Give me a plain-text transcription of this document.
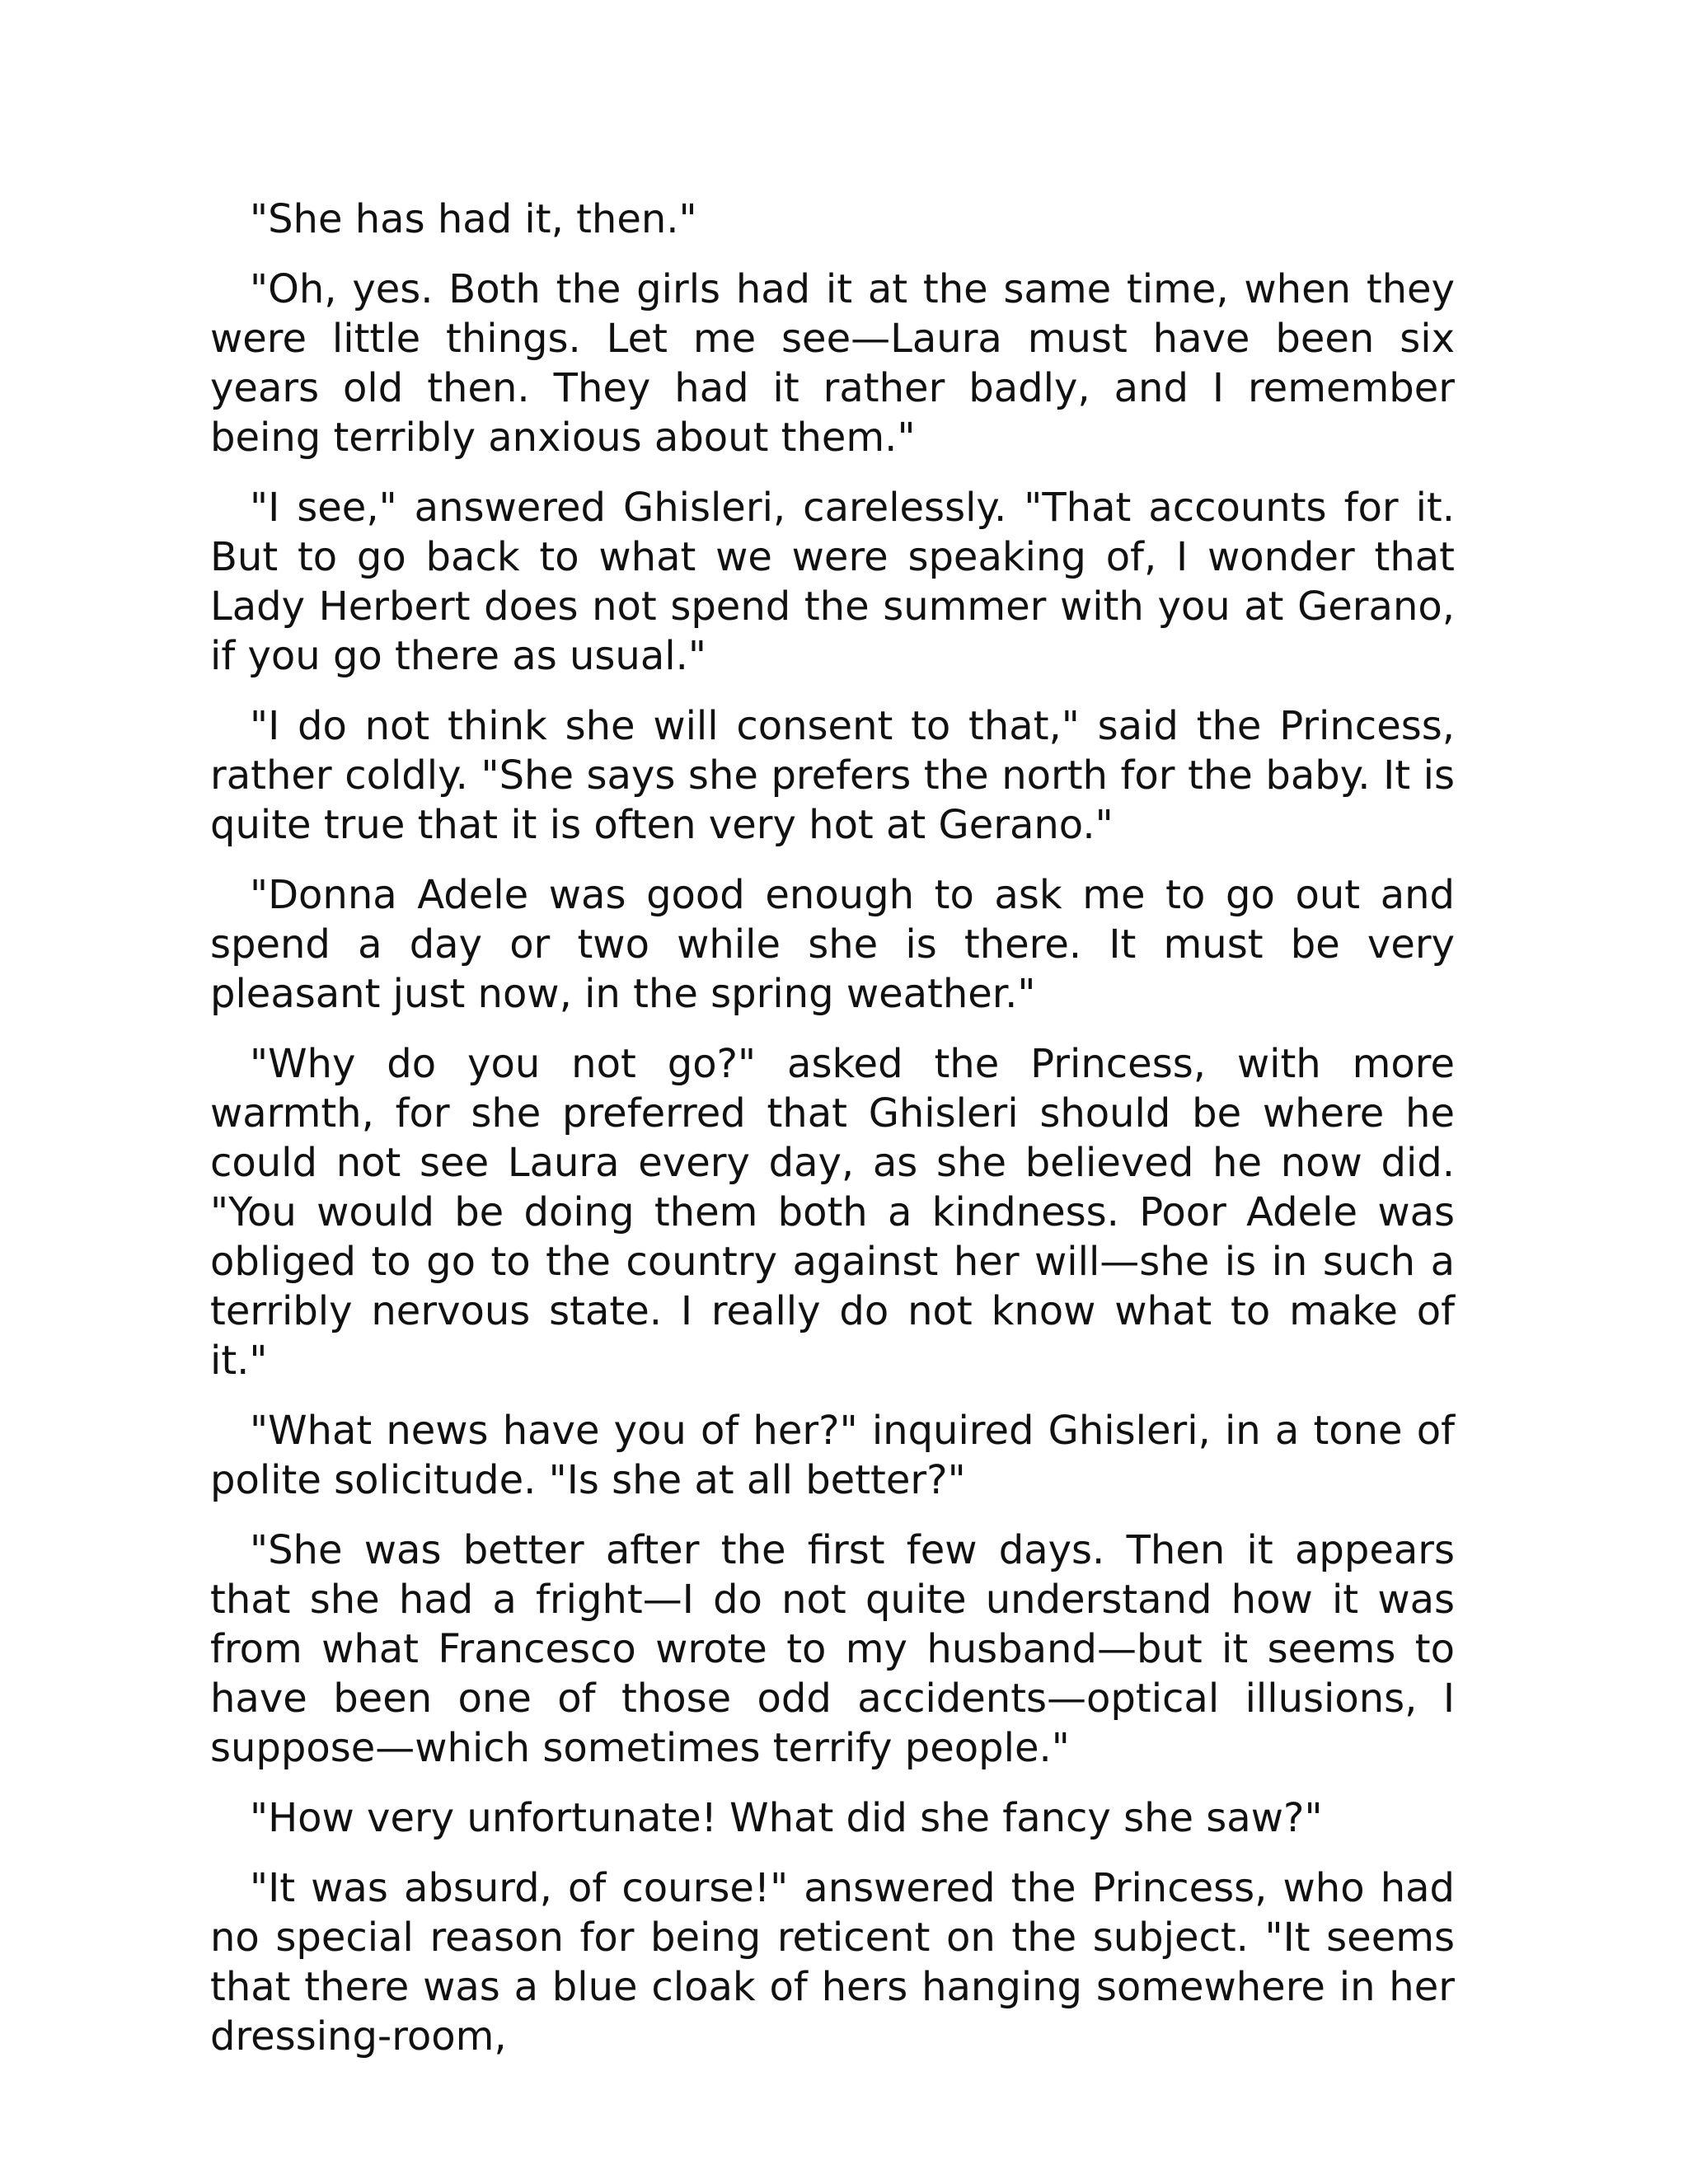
"She has had it, then."

"Oh, yes. Both the girls had it at the same time, when they were little things. Let me see—Laura must have been six years old then. They had it rather badly, and I remember being terribly anxious about them."

"I see," answered Ghisleri, carelessly. "That accounts for it. But to go back to what we were speaking of, I wonder that Lady Herbert does not spend the summer with you at Gerano, if you go there as usual."

"I do not think she will consent to that," said the Princess, rather coldly. "She says she prefers the north for the baby. It is quite true that it is often very hot at Gerano."

"Donna Adele was good enough to ask me to go out and spend a day or two while she is there. It must be very pleasant just now, in the spring weather."

"Why do you not go?" asked the Princess, with more warmth, for she preferred that Ghisleri should be where he could not see Laura every day, as she believed he now did. "You would be doing them both a kindness. Poor Adele was obliged to go to the country against her will—she is in such a terribly nervous state. I really do not know what to make of it."

"What news have you of her?" inquired Ghisleri, in a tone of polite solicitude. "Is she at all better?"

"She was better after the first few days. Then it appears that she had a fright—I do not quite understand how it was from what Francesco wrote to my husband—but it seems to have been one of those odd accidents—optical illusions, I suppose—which sometimes terrify people."

"How very unfortunate! What did she fancy she saw?"

"It was absurd, of course!" answered the Princess, who had no special reason for being reticent on the subject. "It seems that there was a blue cloak of hers hanging somewhere in her dressing-room,
